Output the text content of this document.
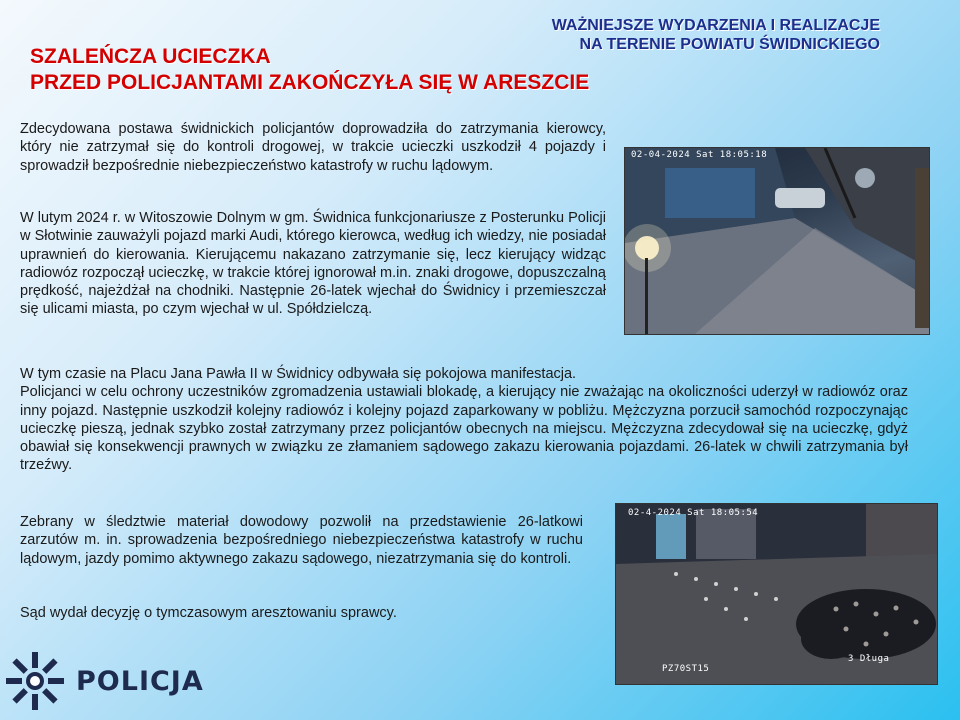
WAŻNIEJSZE WYDARZENIA I REALIZACJE
NA TERENIE POWIATU ŚWIDNICKIEGO
SZALEŃCZA UCIECZKA
PRZED POLICJANTAMI ZAKOŃCZYŁA SIĘ W ARESZCIE
Zdecydowana postawa świdnickich policjantów doprowadziła do zatrzymania kierowcy, który nie zatrzymał się do kontroli drogowej, w trakcie ucieczki uszkodził 4 pojazdy i sprowadził bezpośrednie niebezpieczeństwo katastrofy w ruchu lądowym.
W lutym 2024 r. w Witoszowie Dolnym w gm. Świdnica funkcjonariusze z Posterunku Policji w Słotwinie zauważyli pojazd marki Audi, którego kierowca, według ich wiedzy, nie posiadał uprawnień do kierowania. Kierującemu nakazano zatrzymanie się, lecz kierujący widząc radiowóz rozpoczął ucieczkę, w trakcie której ignorował m.in. znaki drogowe, dopuszczalną prędkość, najeżdżał na chodniki. Następnie 26-latek wjechał do Świdnicy i przemieszczał się ulicami miasta, po czym wjechał w ul. Spółdzielczą.

W tym czasie na Placu Jana Pawła II w Świdnicy odbywała się pokojowa manifestacja.

Policjanci w celu ochrony uczestników zgromadzenia ustawiali blokadę, a kierujący nie zważając na okoliczności uderzył w radiowóz oraz inny pojazd. Następnie uszkodził kolejny radiowóz i kolejny pojazd zaparkowany w pobliżu. Mężczyzna porzucił samochód rozpoczynając ucieczkę pieszą, jednak szybko został zatrzymany przez policjantów obecnych na miejscu. Mężczyzna zdecydował się na ucieczkę, gdyż obawiał się konsekwencji prawnych w związku ze złamaniem sądowego zakazu kierowania pojazdami. 26-latek w chwili zatrzymania był trzeźwy.

Zebrany w śledztwie materiał dowodowy pozwolił na przedstawienie 26-latkowi zarzutów m. in. sprowadzenia bezpośredniego niebezpieczeństwa katastrofy w ruchu lądowym, jazdy pomimo aktywnego zakazu sądowego, niezatrzymania się do kontroli.
Sąd wydał decyzję o tymczasowym aresztowaniu sprawcy.
02-04-2024 Sat 18:05:18
02-4-2024 Sat 18:05:54
PZ70ST15
3 Długa
POLICJA
